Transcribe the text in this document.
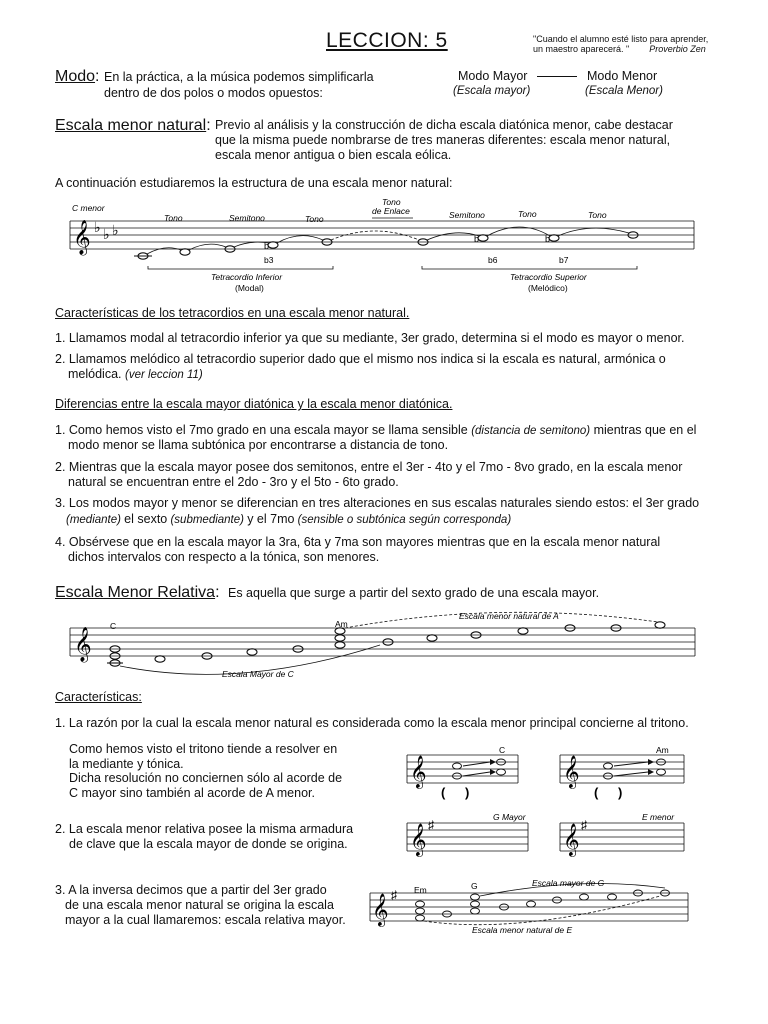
LECCION: 5	"Cuando el alumno esté listo para aprender,
un maestro aparecerá. " Proverbio Zen
Modo: En la práctica, a la música podemos simplificarla
dentro de dos polos o modos opuestos:
Modo Mayor	Modo Menor
(Escala mayor)	(Escala Menor)
Escala menor natural: Previo al análisis y la construcción de dicha escala diatónica menor, cabe destacar
que la misma puede nombrarse de tres maneras diferentes: escala menor natural,
escala menor antigua o bien escala eólica.
A continuación estudiaremos la estructura de una escala menor natural:
𝄞 ♭ ♭ ♭
C menor
b
b	b
Tono	Semitono	Tono
Tono
de Enlace	Semitono	Tono	Tono
b3	b6	b7
Tetracordio Inferior
(Modal)
Tetracordio Superior
(Melódico)
Características de los tetracordios en una escala menor natural.
1. Llamamos modal al tetracordio inferior ya que su mediante, 3er grado, determina si el modo es mayor o menor.
2. Llamamos melódico al tetracordio superior dado que el mismo nos indica si la escala es natural, armónica o
melódica. (ver leccion 11)
Diferencias entre la escala mayor diatónica y la escala menor diatónica.
1. Como hemos visto el 7mo grado en una escala mayor se llama sensible (distancia de semitono) mientras que en el
modo menor se llama subtónica por encontrarse a distancia de tono.
2. Mientras que la escala mayor posee dos semitonos, entre el 3er - 4to y el 7mo - 8vo grado, en la escala menor
natural se encuentran entre el 2do - 3ro y el 5to - 6to grado.
3. Los modos mayor y menor se diferencian en tres alteraciones en sus escalas naturales siendo estos: el 3er grado
(mediante) el sexto (submediante) y el 7mo (sensible o subtónica según corresponda)
4. Obsérvese que en la escala mayor la 3ra, 6ta y 7ma son mayores mientras que en la escala menor natural
dichos intervalos con respecto a la tónica, son menores.
Escala Menor Relativa: Es aquella que surge a partir del sexto grado de una escala mayor.
𝄞
C	Am
Escala menor natural de A
Escala Mayor de C
Características:
1. La razón por la cual la escala menor natural es considerada como la escala menor principal concierne al tritono.
Como hemos visto el tritono tiende a resolver en
la mediante y tónica.
Dicha resolución no conciernen sólo al acorde de
C mayor sino también al acorde de A menor.
2. La escala menor relativa posee la misma armadura
de clave que la escala mayor de donde se origina.
3. A la inversa decimos que a partir del 3er grado
de una escala menor natural se origina la escala
mayor a la cual llamaremos: escala relativa mayor.
𝄞
C
( )
𝄞
Am
( )
𝄞 ♯
G Mayor
𝄞 ♯
E menor
𝄞 ♯ Em	G	Escala mayor de G
Escala menor natural de E
